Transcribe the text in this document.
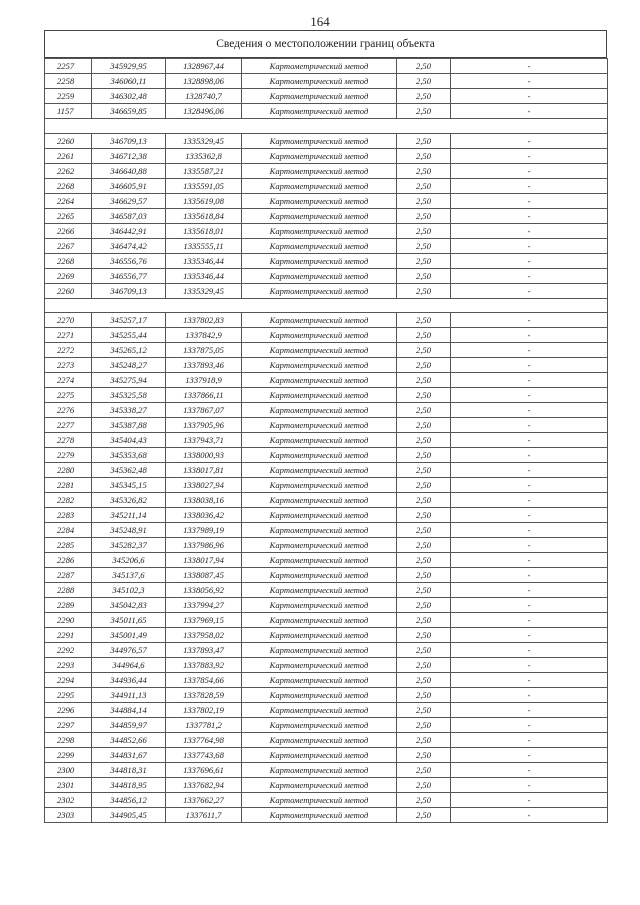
164
Сведения о местоположении границ объекта
2257	345929,95	1328967,44	Картометрический метод	2,50	-
2258	346060,11	1328898,06	Картометрический метод	2,50	-
2259	346302,48	1328740,7	Картометрический метод	2,50	-
1157	346659,85	1328496,06	Картометрический метод	2,50	-

2260	346709,13	1335329,45	Картометрический метод	2,50	-
2261	346712,38	1335362,8	Картометрический метод	2,50	-
2262	346640,88	1335587,21	Картометрический метод	2,50	-
2268	346605,91	1335591,05	Картометрический метод	2,50	-
2264	346629,57	1335619,08	Картометрический метод	2,50	-
2265	346587,03	1335618,84	Картометрический метод	2,50	-
2266	346442,91	1335618,01	Картометрический метод	2,50	-
2267	346474,42	1335555,11	Картометрический метод	2,50	-
2268	346556,76	1335346,44	Картометрический метод	2,50	-
2269	346556,77	1335346,44	Картометрический метод	2,50	-
2260	346709,13	1335329,45	Картометрический метод	2,50	-

2270	345257,17	1337802,83	Картометрический метод	2,50	-
2271	345255,44	1337842,9	Картометрический метод	2,50	-
2272	345265,12	1337875,05	Картометрический метод	2,50	-
2273	345248,27	1337893,46	Картометрический метод	2,50	-
2274	345275,94	1337918,9	Картометрический метод	2,50	-
2275	345325,58	1337866,11	Картометрический метод	2,50	-
2276	345338,27	1337867,07	Картометрический метод	2,50	-
2277	345387,88	1337905,96	Картометрический метод	2,50	-
2278	345404,43	1337943,71	Картометрический метод	2,50	-
2279	345353,68	1338000,93	Картометрический метод	2,50	-
2280	345362,48	1338017,81	Картометрический метод	2,50	-
2281	345345,15	1338027,94	Картометрический метод	2,50	-
2282	345326,82	1338038,16	Картометрический метод	2,50	-
2283	345211,14	1338036,42	Картометрический метод	2,50	-
2284	345248,91	1337989,19	Картометрический метод	2,50	-
2285	345282,37	1337986,96	Картометрический метод	2,50	-
2286	345206,6	1338017,94	Картометрический метод	2,50	-
2287	345137,6	1338087,45	Картометрический метод	2,50	-
2288	345102,3	1338056,92	Картометрический метод	2,50	-
2289	345042,83	1337994,27	Картометрический метод	2,50	-
2290	345011,65	1337969,15	Картометрический метод	2,50	-
2291	345001,49	1337958,02	Картометрический метод	2,50	-
2292	344976,57	1337893,47	Картометрический метод	2,50	-
2293	344964,6	1337883,92	Картометрический метод	2,50	-
2294	344936,44	1337854,66	Картометрический метод	2,50	-
2295	344911,13	1337828,59	Картометрический метод	2,50	-
2296	344884,14	1337802,19	Картометрический метод	2,50	-
2297	344859,97	1337781,2	Картометрический метод	2,50	-
2298	344852,66	1337764,98	Картометрический метод	2,50	-
2299	344831,67	1337743,68	Картометрический метод	2,50	-
2300	344818,31	1337696,61	Картометрический метод	2,50	-
2301	344818,95	1337682,94	Картометрический метод	2,50	-
2302	344856,12	1337662,27	Картометрический метод	2,50	-
2303	344905,45	1337611,7	Картометрический метод	2,50	-
